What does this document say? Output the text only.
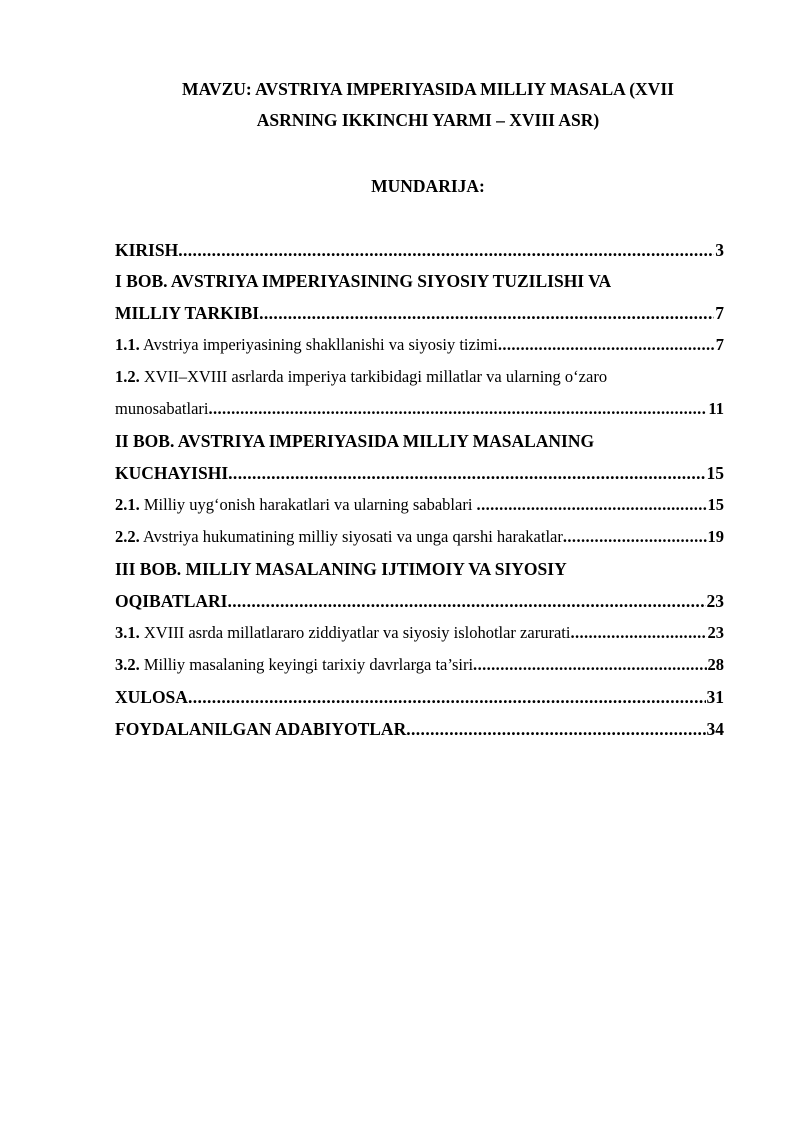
MAVZU: AVSTRIYA IMPERIYASIDA MILLIY MASALA (XVII
ASRNING IKKINCHI YARMI – XVIII ASR)
MUNDARIJA:
KIRISH .....	3
I BOB. AVSTRIYA IMPERIYASINING SIYOSIY TUZILISHI VA
MILLIY TARKIBI .....	7
1.1. Avstriya imperiyasining shakllanishi va siyosiy tizimi .....	7
1.2. XVII–XVIII asrlarda imperiya tarkibidagi millatlar va ularning o‘zaro
munosabatlari .....	11
II BOB. AVSTRIYA IMPERIYASIDA MILLIY MASALANING
KUCHAYISHI .....	15
2.1. Milliy uyg‘onish harakatlari va ularning sabablari .....	15
2.2. Avstriya hukumatining milliy siyosati va unga qarshi harakatlar .....	19
III BOB. MILLIY MASALANING IJTIMOIY VA SIYOSIY
OQIBATLARI .....	23
3.1. XVIII asrda millatlararo ziddiyatlar va siyosiy islohotlar zarurati .....	23
3.2. Milliy masalaning keyingi tarixiy davrlarga ta’siri .....	28
XULOSA .....	31
FOYDALANILGAN ADABIYOTLAR .....	34
